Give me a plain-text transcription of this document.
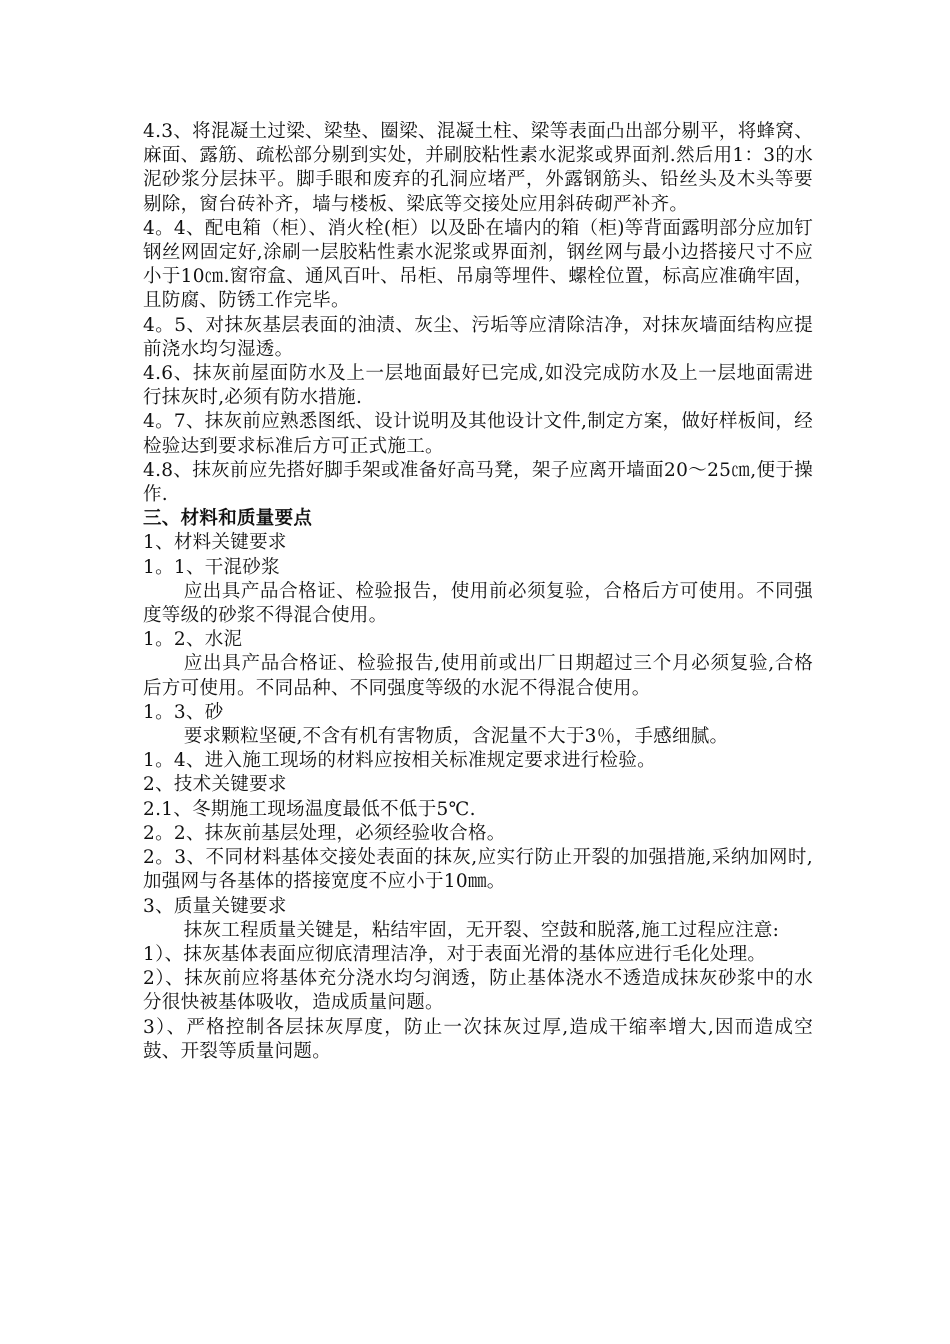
4.3、将混凝土过梁、梁垫、圈梁、混凝土柱、梁等表面凸出部分剔平，将蜂窝、麻面、露筋、疏松部分剔到实处，并刷胶粘性素水泥浆或界面剂.然后用1：3的水泥砂浆分层抹平。脚手眼和废弃的孔洞应堵严，外露钢筋头、铅丝头及木头等要剔除，窗台砖补齐，墙与楼板、梁底等交接处应用斜砖砌严补齐。

4。4、配电箱（柜）、消火栓(柜）以及卧在墙内的箱（柜)等背面露明部分应加钉钢丝网固定好,涂刷一层胶粘性素水泥浆或界面剂，钢丝网与最小边搭接尺寸不应小于10㎝.窗帘盒、通风百叶、吊柜、吊扇等埋件、螺栓位置，标高应准确牢固，且防腐、防锈工作完毕。

4。5、对抹灰基层表面的油渍、灰尘、污垢等应清除洁净，对抹灰墙面结构应提前浇水均匀湿透。

4.6、抹灰前屋面防水及上一层地面最好已完成,如没完成防水及上一层地面需进行抹灰时,必须有防水措施.

4。7、抹灰前应熟悉图纸、设计说明及其他设计文件,制定方案，做好样板间，经检验达到要求标准后方可正式施工。

4.8、抹灰前应先搭好脚手架或准备好高马凳，架子应离开墙面20～25㎝,便于操作.

三、材料和质量要点

1、材料关键要求

1。1、干混砂浆

应出具产品合格证、检验报告，使用前必须复验，合格后方可使用。不同强度等级的砂浆不得混合使用。

1。2、水泥

应出具产品合格证、检验报告,使用前或出厂日期超过三个月必须复验,合格后方可使用。不同品种、不同强度等级的水泥不得混合使用。

1。3、砂

要求颗粒坚硬,不含有机有害物质，含泥量不大于3％，手感细腻。

1。4、进入施工现场的材料应按相关标准规定要求进行检验。

2、技术关键要求

2.1、冬期施工现场温度最低不低于5℃.

2。2、抹灰前基层处理，必须经验收合格。

2。3、不同材料基体交接处表面的抹灰,应实行防止开裂的加强措施,采纳加网时,加强网与各基体的搭接宽度不应小于10㎜。

3、质量关键要求

抹灰工程质量关键是，粘结牢固，无开裂、空鼓和脱落,施工过程应注意:

1）、抹灰基体表面应彻底清理洁净，对于表面光滑的基体应进行毛化处理。

2）、抹灰前应将基体充分浇水均匀润透，防止基体浇水不透造成抹灰砂浆中的水分很快被基体吸收，造成质量问题。

3）、严格控制各层抹灰厚度，防止一次抹灰过厚,造成干缩率增大,因而造成空鼓、开裂等质量问题。
